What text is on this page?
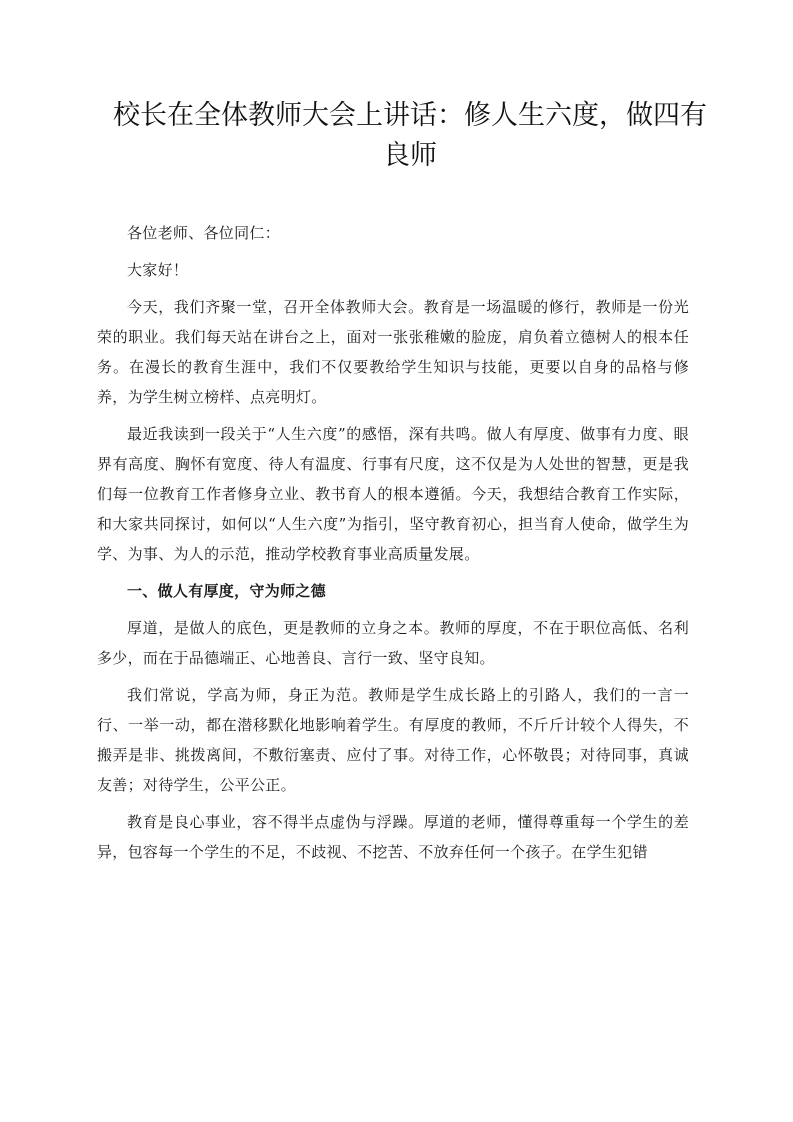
校长在全体教师大会上讲话：修人生六度，做四有良师

各位老师、各位同仁：

大家好！

今天，我们齐聚一堂，召开全体教师大会。教育是一场温暖的修行，教师是一份光荣的职业。我们每天站在讲台之上，面对一张张稚嫩的脸庞，肩负着立德树人的根本任务。在漫长的教育生涯中，我们不仅要教给学生知识与技能，更要以自身的品格与修养，为学生树立榜样、点亮明灯。

最近我读到一段关于“人生六度”的感悟，深有共鸣。做人有厚度、做事有力度、眼界有高度、胸怀有宽度、待人有温度、行事有尺度，这不仅是为人处世的智慧，更是我们每一位教育工作者修身立业、教书育人的根本遵循。今天，我想结合教育工作实际，和大家共同探讨，如何以“人生六度”为指引，坚守教育初心，担当育人使命，做学生为学、为事、为人的示范，推动学校教育事业高质量发展。

一、做人有厚度，守为师之德

厚道，是做人的底色，更是教师的立身之本。教师的厚度，不在于职位高低、名利多少，而在于品德端正、心地善良、言行一致、坚守良知。

我们常说，学高为师，身正为范。教师是学生成长路上的引路人，我们的一言一行、一举一动，都在潜移默化地影响着学生。有厚度的教师，不斤斤计较个人得失，不搬弄是非、挑拨离间，不敷衍塞责、应付了事。对待工作，心怀敬畏；对待同事，真诚友善；对待学生，公平公正。

教育是良心事业，容不得半点虚伪与浮躁。厚道的老师，懂得尊重每一个学生的差异，包容每一个学生的不足，不歧视、不挖苦、不放弃任何一个孩子。在学生犯错
